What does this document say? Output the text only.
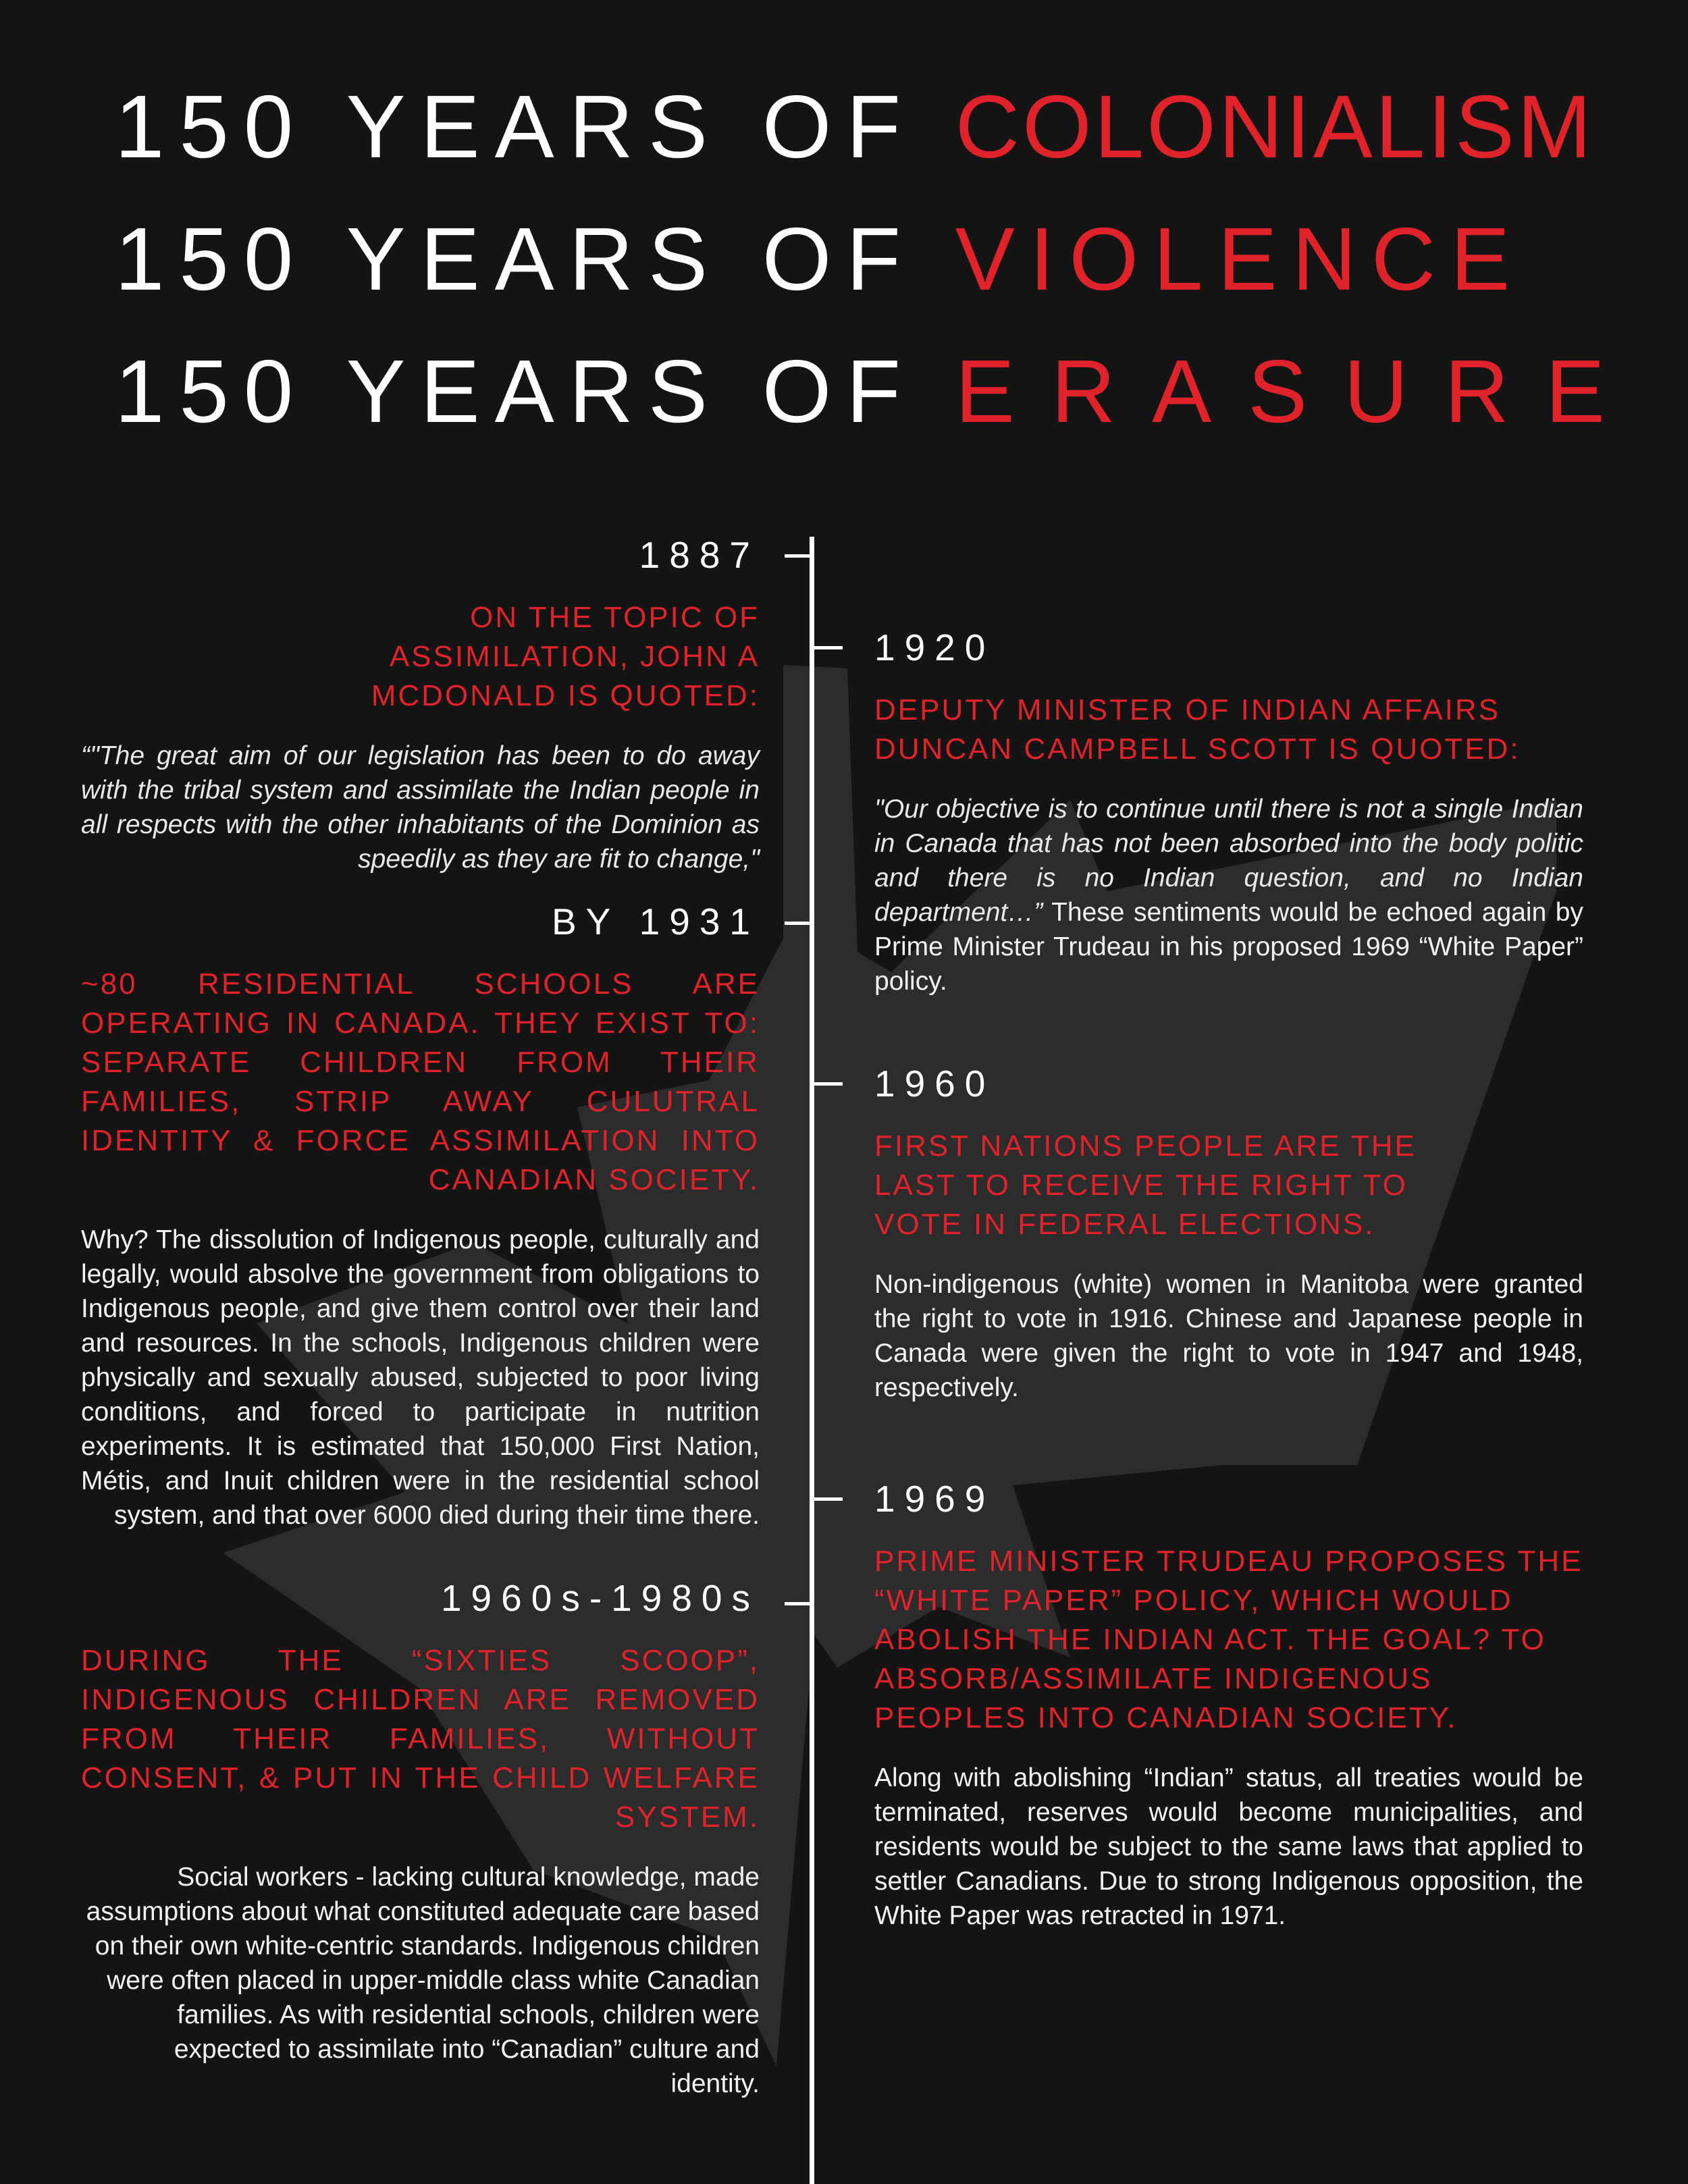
150 YEARS OF COLONIALISM
150 YEARS OF VIOLENCE
150 YEARS OF ERASURE
1887
ON THE TOPIC OF ASSIMILATION, JOHN A MCDONALD IS QUOTED:

“"The great aim of our legislation has been to do away with the tribal system and assimilate the Indian people in all respects with the other inhabitants of the Dominion as speedily as they are fit to change,"

1920
DEPUTY MINISTER OF INDIAN AFFAIRS DUNCAN CAMPBELL SCOTT IS QUOTED:

"Our objective is to continue until there is not a single Indian in Canada that has not been absorbed into the body politic and there is no Indian question, and no Indian department…” These sentiments would be echoed again by Prime Minister Trudeau in his proposed 1969 “White Paper” policy.

BY 1931
~80 RESIDENTIAL SCHOOLS ARE OPERATING IN CANADA. THEY EXIST TO: SEPARATE CHILDREN FROM THEIR FAMILIES, STRIP AWAY CULUTRAL IDENTITY & FORCE ASSIMILATION INTO CANADIAN SOCIETY.

Why? The dissolution of Indigenous people, culturally and legally, would absolve the government from obligations to Indigenous people, and give them control over their land and resources. In the schools, Indigenous children were physically and sexually abused, subjected to poor living conditions, and forced to participate in nutrition experiments. It is estimated that 150,000 First Nation, Métis, and Inuit children were in the residential school system, and that over 6000 died during their time there.

1960
FIRST NATIONS PEOPLE ARE THE LAST TO RECEIVE THE RIGHT TO VOTE IN FEDERAL ELECTIONS.

Non-indigenous (white) women in Manitoba were granted the right to vote in 1916. Chinese and Japanese people in Canada were given the right to vote in 1947 and 1948, respectively.

1969
PRIME MINISTER TRUDEAU PROPOSES THE “WHITE PAPER” POLICY, WHICH WOULD ABOLISH THE INDIAN ACT. THE GOAL? TO ABSORB/ASSIMILATE INDIGENOUS PEOPLES INTO CANADIAN SOCIETY.

Along with abolishing “Indian” status, all treaties would be terminated, reserves would become municipalities, and residents would be subject to the same laws that applied to settler Canadians. Due to strong Indigenous opposition, the White Paper was retracted in 1971.

1960s-1980s
DURING THE “SIXTIES SCOOP”, INDIGENOUS CHILDREN ARE REMOVED FROM THEIR FAMILIES, WITHOUT CONSENT, & PUT IN THE CHILD WELFARE SYSTEM.

Social workers - lacking cultural knowledge, made assumptions about what constituted adequate care based on their own white-centric standards. Indigenous children were often placed in upper-middle class white Canadian families. As with residential schools, children were expected to assimilate into “Canadian” culture and identity.
